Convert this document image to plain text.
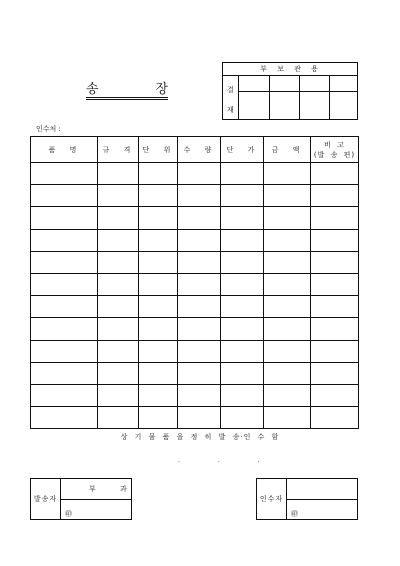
송	장
부 보 관 용
결
재
인수처 :
품 명	규 격	단 위	수 량	단 가	금 액	비 고
(발 송 편)

상 기 물 품 을 정 히 발 송·인 수 함
. . .
발송자
부 과
㊞
인수자
㊞
